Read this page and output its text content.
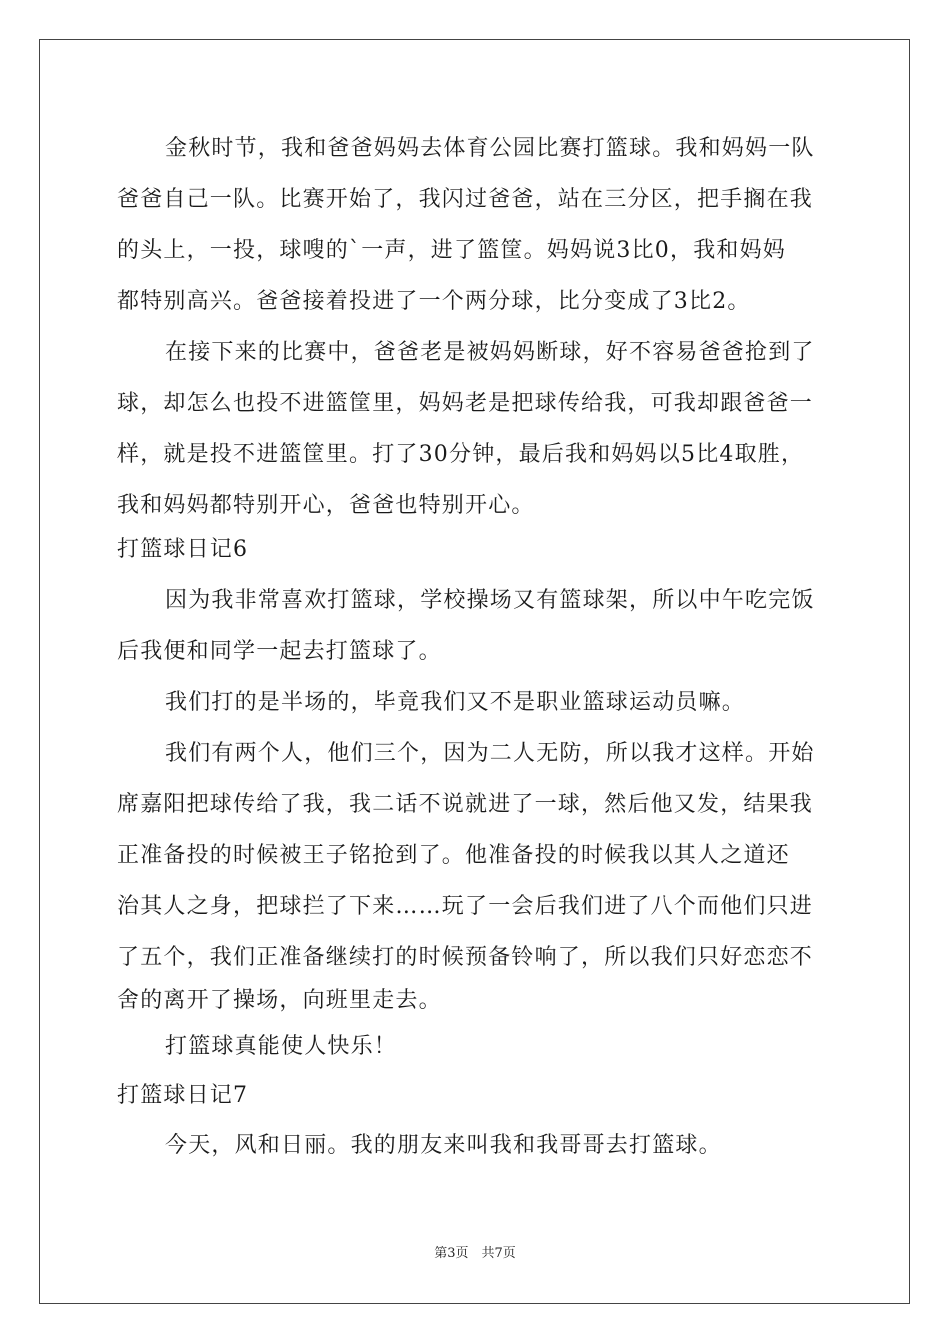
金秋时节，我和爸爸妈妈去体育公园比赛打篮球。我和妈妈一队
爸爸自己一队。比赛开始了，我闪过爸爸，站在三分区，把手搁在我
的头上，一投，球嗖的`一声，进了篮筐。妈妈说3比0，我和妈妈
都特别高兴。爸爸接着投进了一个两分球，比分变成了3比2。
在接下来的比赛中，爸爸老是被妈妈断球，好不容易爸爸抢到了
球，却怎么也投不进篮筐里，妈妈老是把球传给我，可我却跟爸爸一
样，就是投不进篮筐里。打了30分钟，最后我和妈妈以5比4取胜，
我和妈妈都特别开心，爸爸也特别开心。
打篮球日记6
因为我非常喜欢打篮球，学校操场又有篮球架，所以中午吃完饭
后我便和同学一起去打篮球了。
我们打的是半场的，毕竟我们又不是职业篮球运动员嘛。
我们有两个人，他们三个，因为二人无防，所以我才这样。开始
席嘉阳把球传给了我，我二话不说就进了一球，然后他又发，结果我
正准备投的时候被王子铭抢到了。他准备投的时候我以其人之道还
治其人之身，把球拦了下来……玩了一会后我们进了八个而他们只进
了五个，我们正准备继续打的时候预备铃响了，所以我们只好恋恋不
舍的离开了操场，向班里走去。
打篮球真能使人快乐！
打篮球日记7
今天，风和日丽。我的朋友来叫我和我哥哥去打篮球。
第3页　共7页
